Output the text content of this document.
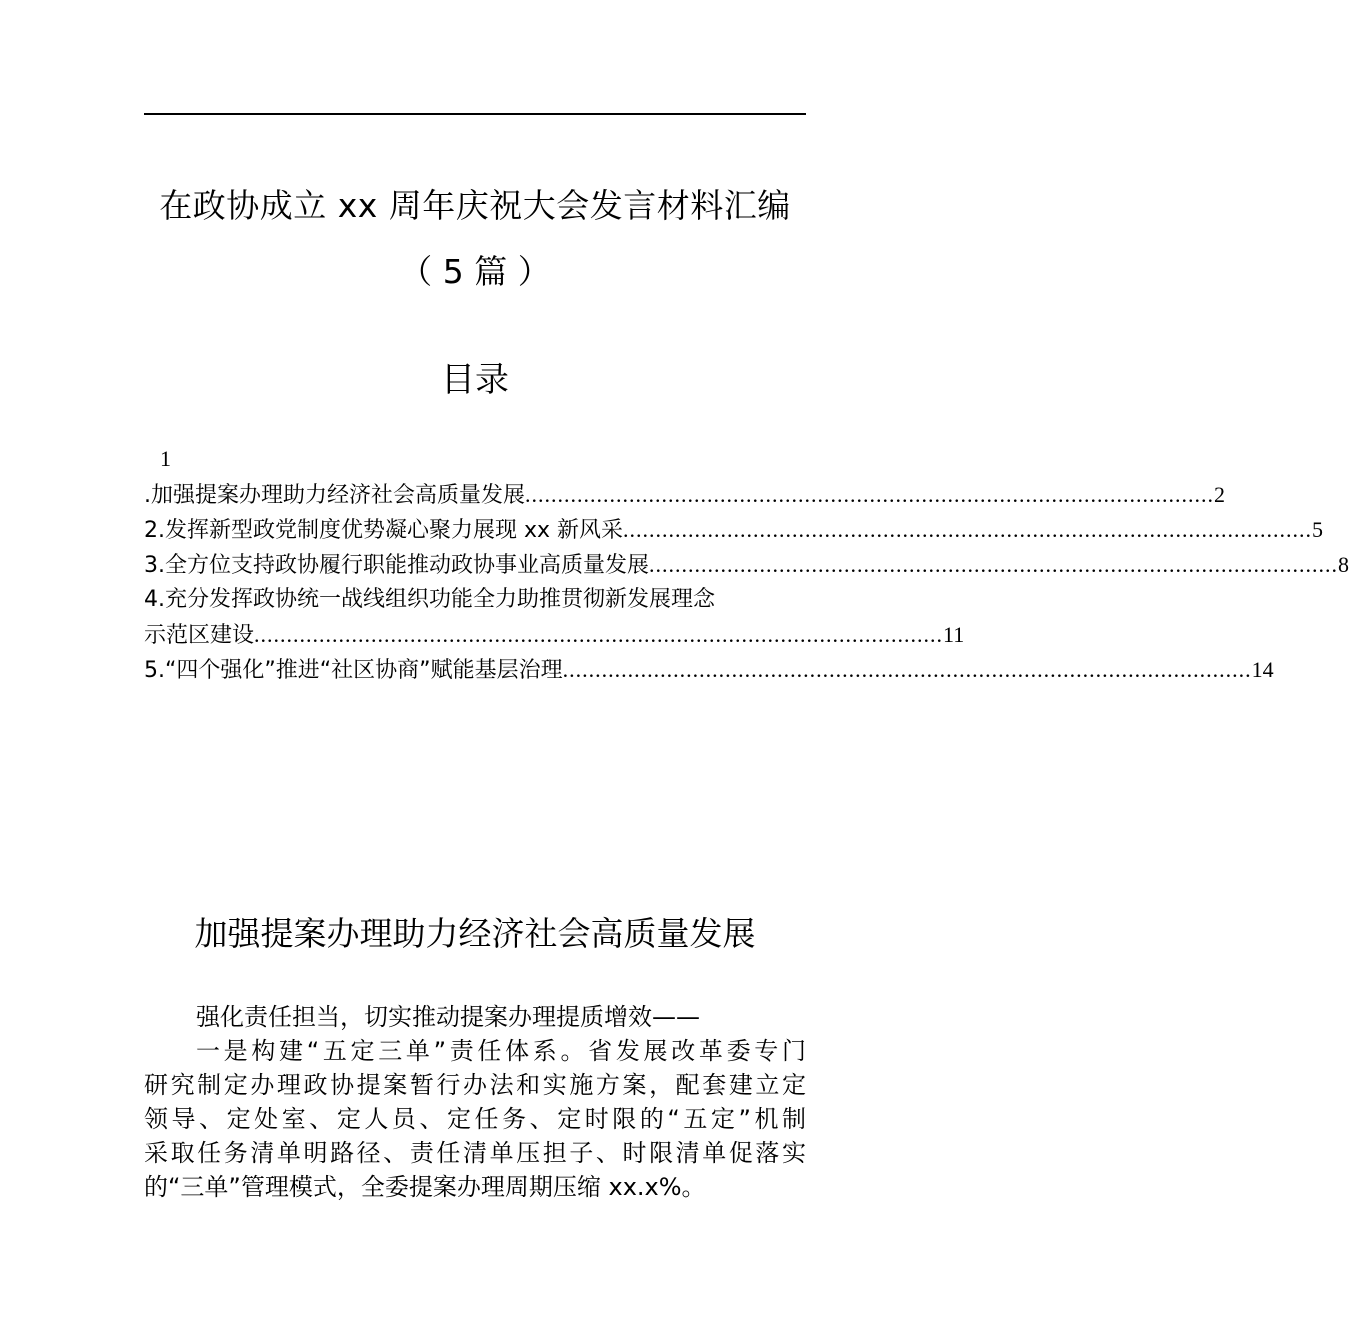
在政协成立 xx 周年庆祝大会发言材料汇编
（ 5 篇 ）
目录
1
.加强提案办理助力经济社会高质量发展 .......................................................................................................... 2
2.发挥新型政党制度优势凝心聚力展现 xx 新风采 .......................................................................................................... 5
3.全方位支持政协履行职能推动政协事业高质量发展 .......................................................................................................... 8
4.充分发挥政协统一战线组织功能全力助推贯彻新发展理念
示范区建设 .......................................................................................................... 11
5.“四个强化”推进“社区协商”赋能基层治理 .......................................................................................................... 14
加强提案办理助力经济社会高质量发展
强化责任担当，切实推动提案办理提质增效——
一是构建“五定三单”责任体系。省发展改革委专门
研究制定办理政协提案暂行办法和实施方案，配套建立定
领导、定处室、定人员、定任务、定时限的“五定”机制
采取任务清单明路径、责任清单压担子、时限清单促落实
的“三单”管理模式，全委提案办理周期压缩 xx.x%。
